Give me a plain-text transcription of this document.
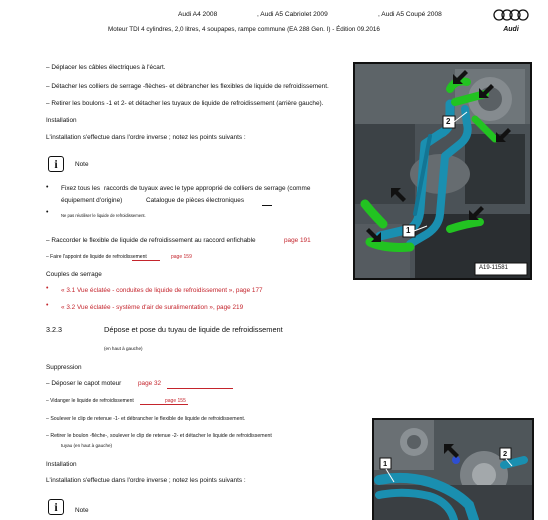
Audi A4 2008	, Audi A5 Cabriolet 2009	, Audi A5 Coupé 2008
Moteur TDI 4 cylindres, 2,0 litres, 4 soupapes, rampe commune (EA 288 Gen. I) - Édition 09.2016	Audi
– Déplacer les câbles électriques à l'écart.
– Détacher les colliers de serrage -flèches- et débrancher les flexibles de liquide de refroidissement.
– Retirer les boulons -1 et 2- et détacher les tuyaux de liquide de refroidissement (arrière gauche).
Installation
L'installation s'effectue dans l'ordre inverse ; notez les points suivants :
i	Note
• Fixez tous les raccords de tuyaux avec le type approprié de colliers de serrage (comme
équipement d'origine)	Catalogue de pièces électroniques
•	Ne pas réutiliser le liquide de refroidissement.
– Raccorder le flexible de liquide de refroidissement au raccord enfichable	page 191
– Faire l'appoint de liquide de refroidissement	page 159
Couples de serrage
• « 3.1 Vue éclatée - conduites de liquide de refroidissement », page 177
• « 3.2 Vue éclatée - système d'air de suralimentation », page 219
3.2.3	Dépose et pose du tuyau de liquide de refroidissement
(en haut à gauche)
Suppression
– Déposer le capot moteur	page 32
– Vidanger le liquide de refroidissement	page 155
– Soulever le clip de retenue -1- et débrancher le flexible de liquide de refroidissement.
– Retirer le boulon -flèche-, soulever le clip de retenue -2- et détacher le liquide de refroidissement
tuyau (en haut à gauche)
Installation
L'installation s'effectue dans l'ordre inverse ; notez les points suivants :
i	Note
2
1
A19-11581
1
2
